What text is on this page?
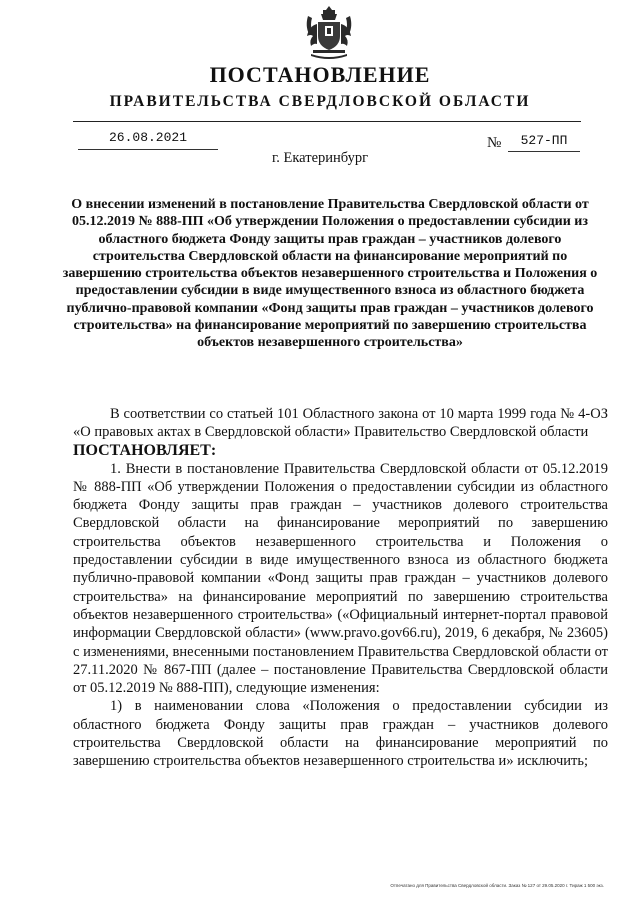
ПОСТАНОВЛЕНИЕ
ПРАВИТЕЛЬСТВА СВЕРДЛОВСКОЙ ОБЛАСТИ
26.08.2021	№	527-ПП
г. Екатеринбург
О внесении изменений в постановление Правительства Свердловской области от 05.12.2019 № 888-ПП «Об утверждении Положения о предоставлении субсидии из областного бюджета Фонду защиты прав граждан – участников долевого строительства Свердловской области на финансирование мероприятий по завершению строительства объектов незавершенного строительства и Положения о предоставлении субсидии в виде имущественного взноса из областного бюджета публично-правовой компании «Фонд защиты прав граждан – участников долевого строительства» на финансирование мероприятий по завершению строительства объектов незавершенного строительства»

В соответствии со статьей 101 Областного закона от 10 марта 1999 года № 4-ОЗ «О правовых актах в Свердловской области» Правительство Свердловской области

ПОСТАНОВЛЯЕТ:

1. Внести в постановление Правительства Свердловской области от 05.12.2019 № 888-ПП «Об утверждении Положения о предоставлении субсидии из областного бюджета Фонду защиты прав граждан – участников долевого строительства Свердловской области на финансирование мероприятий по завершению строительства объектов незавершенного строительства и Положения о предоставлении субсидии в виде имущественного взноса из областного бюджета публично-правовой компании «Фонд защиты прав граждан – участников долевого строительства» на финансирование мероприятий по завершению строительства объектов незавершенного строительства» («Официальный интернет-портал правовой информации Свердловской области» (www.pravo.gov66.ru), 2019, 6 декабря, № 23605) с изменениями, внесенными постановлением Правительства Свердловской области от 27.11.2020 № 867-ПП (далее – постановление Правительства Свердловской области от 05.12.2019 № 888-ПП), следующие изменения:

1) в наименовании слова «Положения о предоставлении субсидии из областного бюджета Фонду защиты прав граждан – участников долевого строительства Свердловской области на финансирование мероприятий по завершению строительства объектов незавершенного строительства и» исключить;

Отпечатано для Правительства Свердловской области. Заказ № 127 от 29.05.2020 г. Тираж 1 500 экз.
